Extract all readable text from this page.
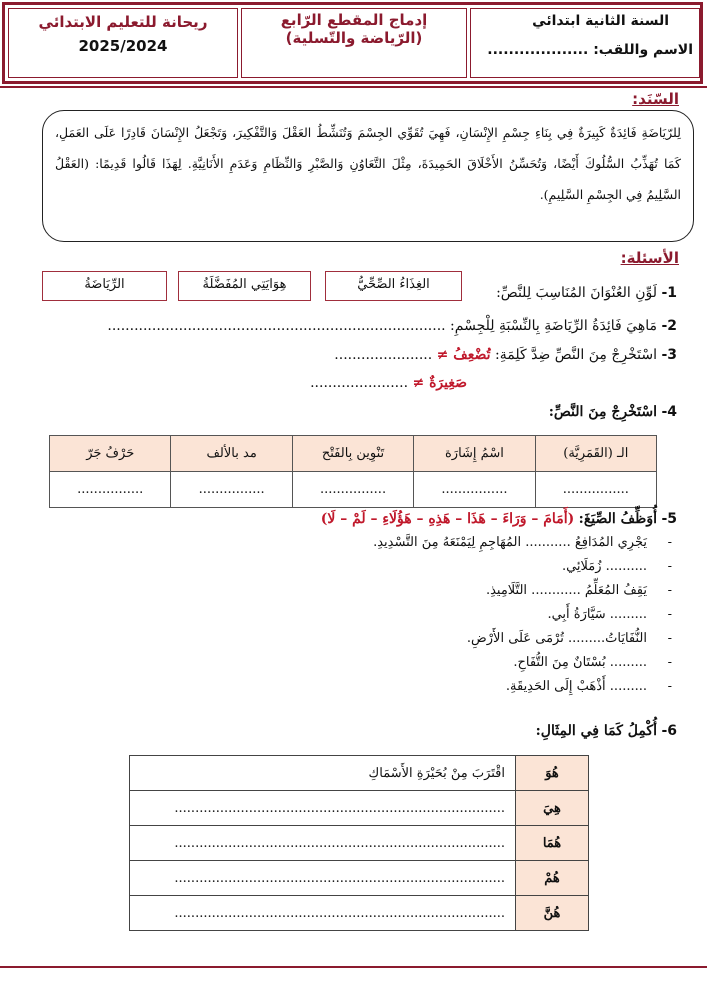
السنة الثانية ابتدائي
الاسم واللقب: ...................
إدماج المقطع الرّابع
(الرّياضة والتّسلية)
ريحانة للتعليم الابتدائي
2025/2024
السّنَد:
لِلرّيَاضَةِ فَائِدَةٌ كَبِيرَةٌ فِي بِنَاءِ جِسْمِ الإِنْسَانِ، فَهِيَ تُقَوِّي الجِسْمَ وَتُنَشِّطُ العَقْلَ وَالتَّفْكِيرَ، وَتَجْعَلُ الإِنْسَانَ قَادِرًا عَلَى العَمَلِ، كَمَا تُهَذِّبُ السُّلُوكَ أَيْضًا، وَتُحَسِّنُ الأَخْلَاقَ الحَمِيدَةَ، مِثْلَ التَّعَاوُنِ وَالصَّبْرِ وَالنِّظَامِ وَعَدَمِ الأَنَانِيَّةِ. لِهَذَا قَالُوا قَدِيمًا: (العَقْلُ السَّلِيمُ فِي الجِسْمِ السَّلِيمِ).
الأسئلة:
1- لَوِّنِ العُنْوَانَ المُنَاسِبَ لِلنَّصِّ:
الغِذَاءُ الصِّحِّيُّ
هِوَايَتِي المُفَضَّلَةُ
الرِّيَاضَةُ
2- مَاهِيَ فَائِدَةُ الرِّيَاضَةِ بِالنِّسْبَةِ لِلْجِسْمِ: ............................................................................
3- اسْتَخْرِجْ مِنَ النَّصِّ ضِدَّ كَلِمَةِ: تُضْعِفُ ≠ ......................
صَغِيرَةٌ ≠ ......................
4- اسْتَخْرِجْ مِنَ النَّصِّ:
الـ (القَمَرِيَّة)	اسْمُ إِشَارَة	تَنْوِين بِالفَتْح	مد بالألف	حَرْفُ جَرّ
................	................	................	................	................
5- أُوَظِّفُ الصِّيَغَ: (أَمَامَ – وَرَاءَ – هَذَا – هَذِهِ – هَؤُلَاءِ – لَمْ – لَا)
-
يَجْرِي المُدَافِعُ ........... المُهَاجِمِ لِيَمْنَعَهُ مِنَ التَّسْدِيدِ.
-
.......... زُمَلَائِي.
-
يَقِفُ المُعَلِّمُ ............ التَّلَامِيذِ.
-
......... سَيَّارَةُ أَبِي.
-
النُّفَايَاتُ......... تُرْمَى عَلَى الأَرْضِ.
-
......... بُسْتَانٌ مِنَ التُّفَاحِ.
-
......... أَذْهَبْ إِلَى الحَدِيقَةِ.
6- أُكْمِلُ كَمَا فِي المِثَالِ:
هُوَ	اقْتَرَبَ مِنْ بُحَيْرَةِ الأَسْمَاكِ
هِيَ	................................................................................
هُمَا	................................................................................
هُمْ	................................................................................
هُنَّ	................................................................................
